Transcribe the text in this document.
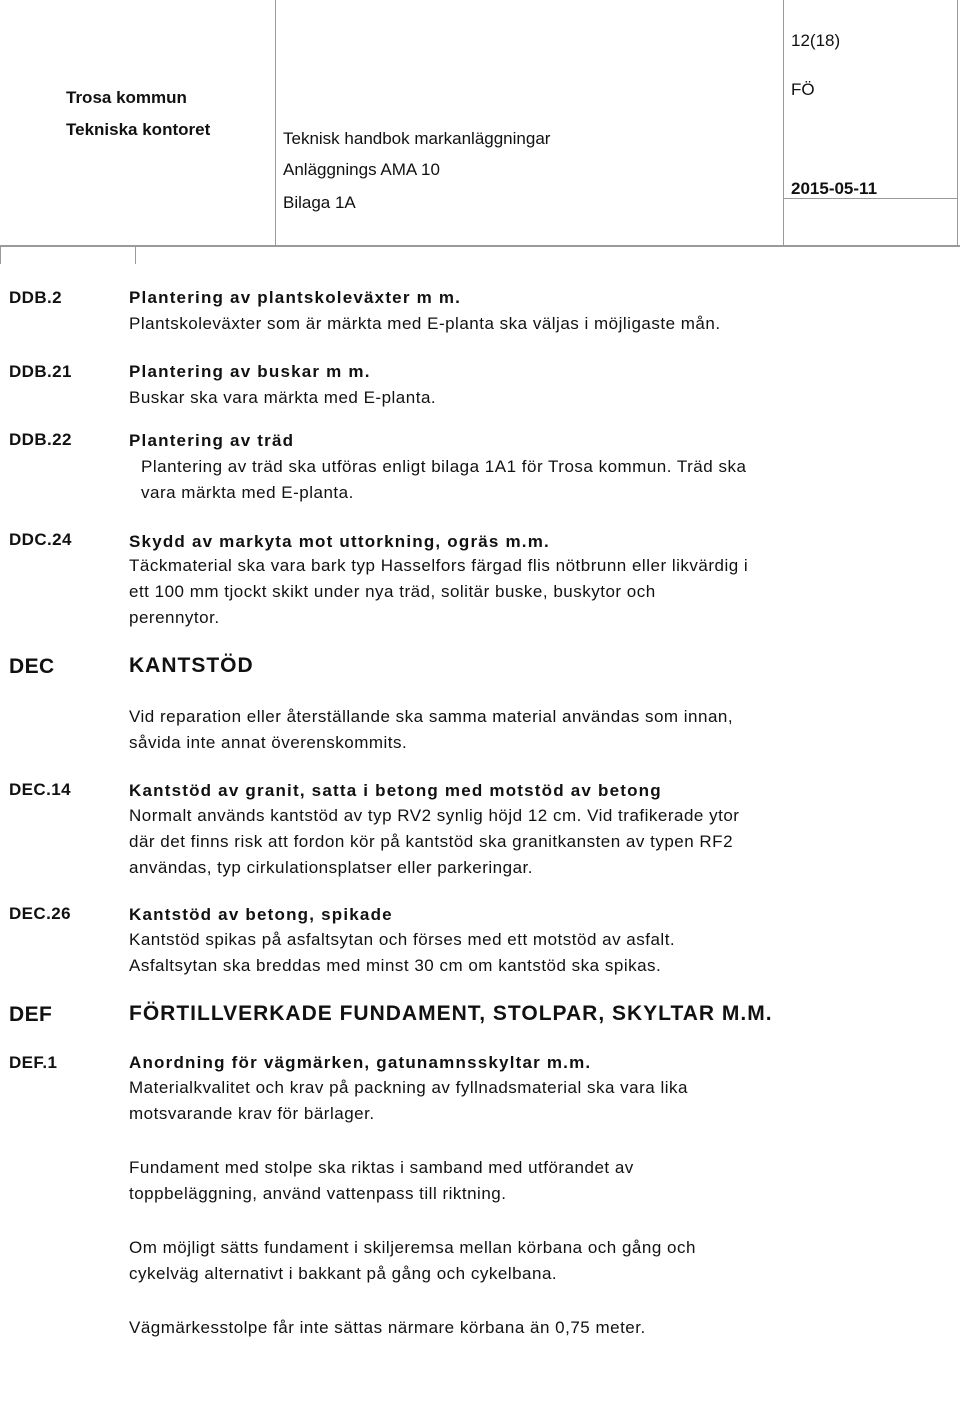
12(18)
Trosa kommun	FÖ
Tekniska kontoret	Teknisk handbok markanläggningar
Anläggnings AMA 10
Bilaga 1A
2015-05-11
DDB.2	Plantering av plantskoleväxter m m.
Plantskoleväxter som är märkta med E-planta ska väljas i möjligaste mån.
DDB.21	Plantering av buskar m m.
Buskar ska vara märkta med E-planta.
DDB.22	Plantering av träd
Plantering av träd ska utföras enligt bilaga 1A1 för Trosa kommun. Träd ska
vara märkta med E-planta.
DDC.24	Skydd av markyta mot uttorkning, ogräs m.m.
Täckmaterial ska vara bark typ Hasselfors färgad flis nötbrunn eller likvärdig i
ett 100 mm tjockt skikt under nya träd, solitär buske, buskytor och
perennytor.
DEC	KANTSTÖD
Vid reparation eller återställande ska samma material användas som innan,
såvida inte annat överenskommits.
DEC.14	Kantstöd av granit, satta i betong med motstöd av betong
Normalt används kantstöd av typ RV2 synlig höjd 12 cm. Vid trafikerade ytor
där det finns risk att fordon kör på kantstöd ska granitkansten av typen RF2
användas, typ cirkulationsplatser eller parkeringar.
DEC.26	Kantstöd av betong, spikade
Kantstöd spikas på asfaltsytan och förses med ett motstöd av asfalt.
Asfaltsytan ska breddas med minst 30 cm om kantstöd ska spikas.
DEF	FÖRTILLVERKADE FUNDAMENT, STOLPAR, SKYLTAR M.M.
DEF.1	Anordning för vägmärken, gatunamnsskyltar m.m.
Materialkvalitet och krav på packning av fyllnadsmaterial ska vara lika
motsvarande krav för bärlager.
Fundament med stolpe ska riktas i samband med utförandet av
toppbeläggning, använd vattenpass till riktning.
Om möjligt sätts fundament i skiljeremsa mellan körbana och gång och
cykelväg alternativt i bakkant på gång och cykelbana.
Vägmärkesstolpe får inte sättas närmare körbana än 0,75 meter.
